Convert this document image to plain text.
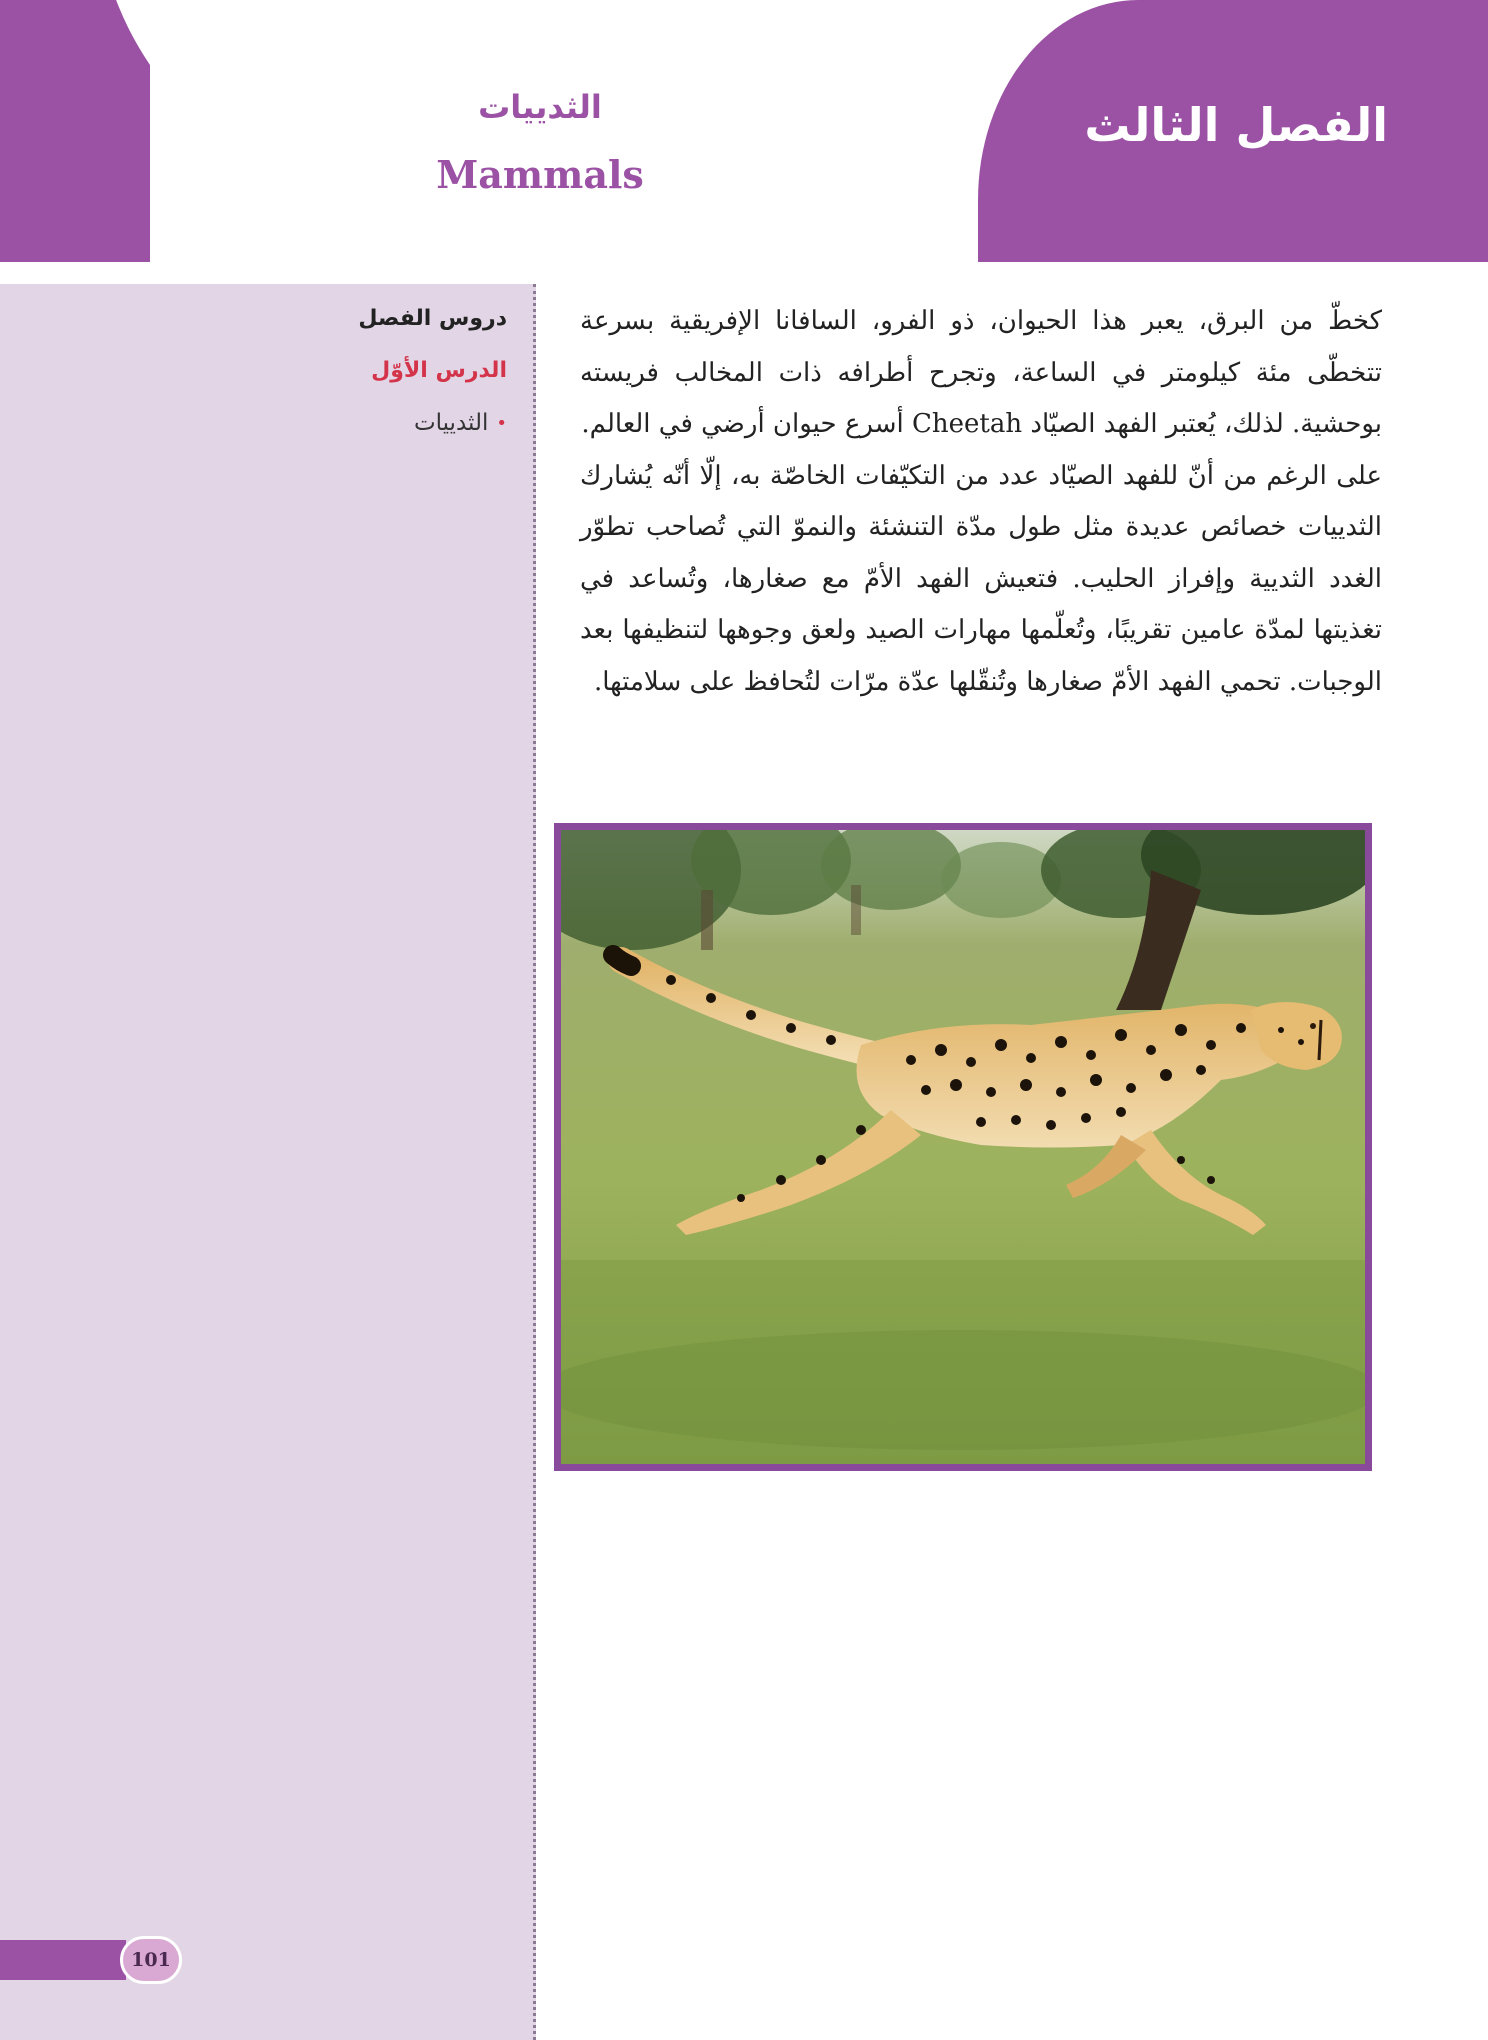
الفصل الثالث
الثدييات
Mammals
دروس الفصل
الدرس الأوّل
•
الثدييات
101

كخطّ من البرق، يعبر هذا الحيوان، ذو الفرو، السافانا الإفريقية بسرعة تتخطّى مئة كيلومتر في الساعة، وتجرح أطرافه ذات المخالب فريسته بوحشية. لذلك، يُعتبر الفهد الصيّاد Cheetah أسرع حيوان أرضي في العالم.

على الرغم من أنّ للفهد الصيّاد عدد من التكيّفات الخاصّة به، إلّا أنّه يُشارك الثدييات خصائص عديدة مثل طول مدّة التنشئة والنموّ التي تُصاحب تطوّر الغدد الثديية وإفراز الحليب. فتعيش الفهد الأمّ مع صغارها، وتُساعد في تغذيتها لمدّة عامين تقريبًا، وتُعلّمها مهارات الصيد ولعق وجوهها لتنظيفها بعد الوجبات. تحمي الفهد الأمّ صغارها وتُنقّلها عدّة مرّات لتُحافظ على سلامتها.
